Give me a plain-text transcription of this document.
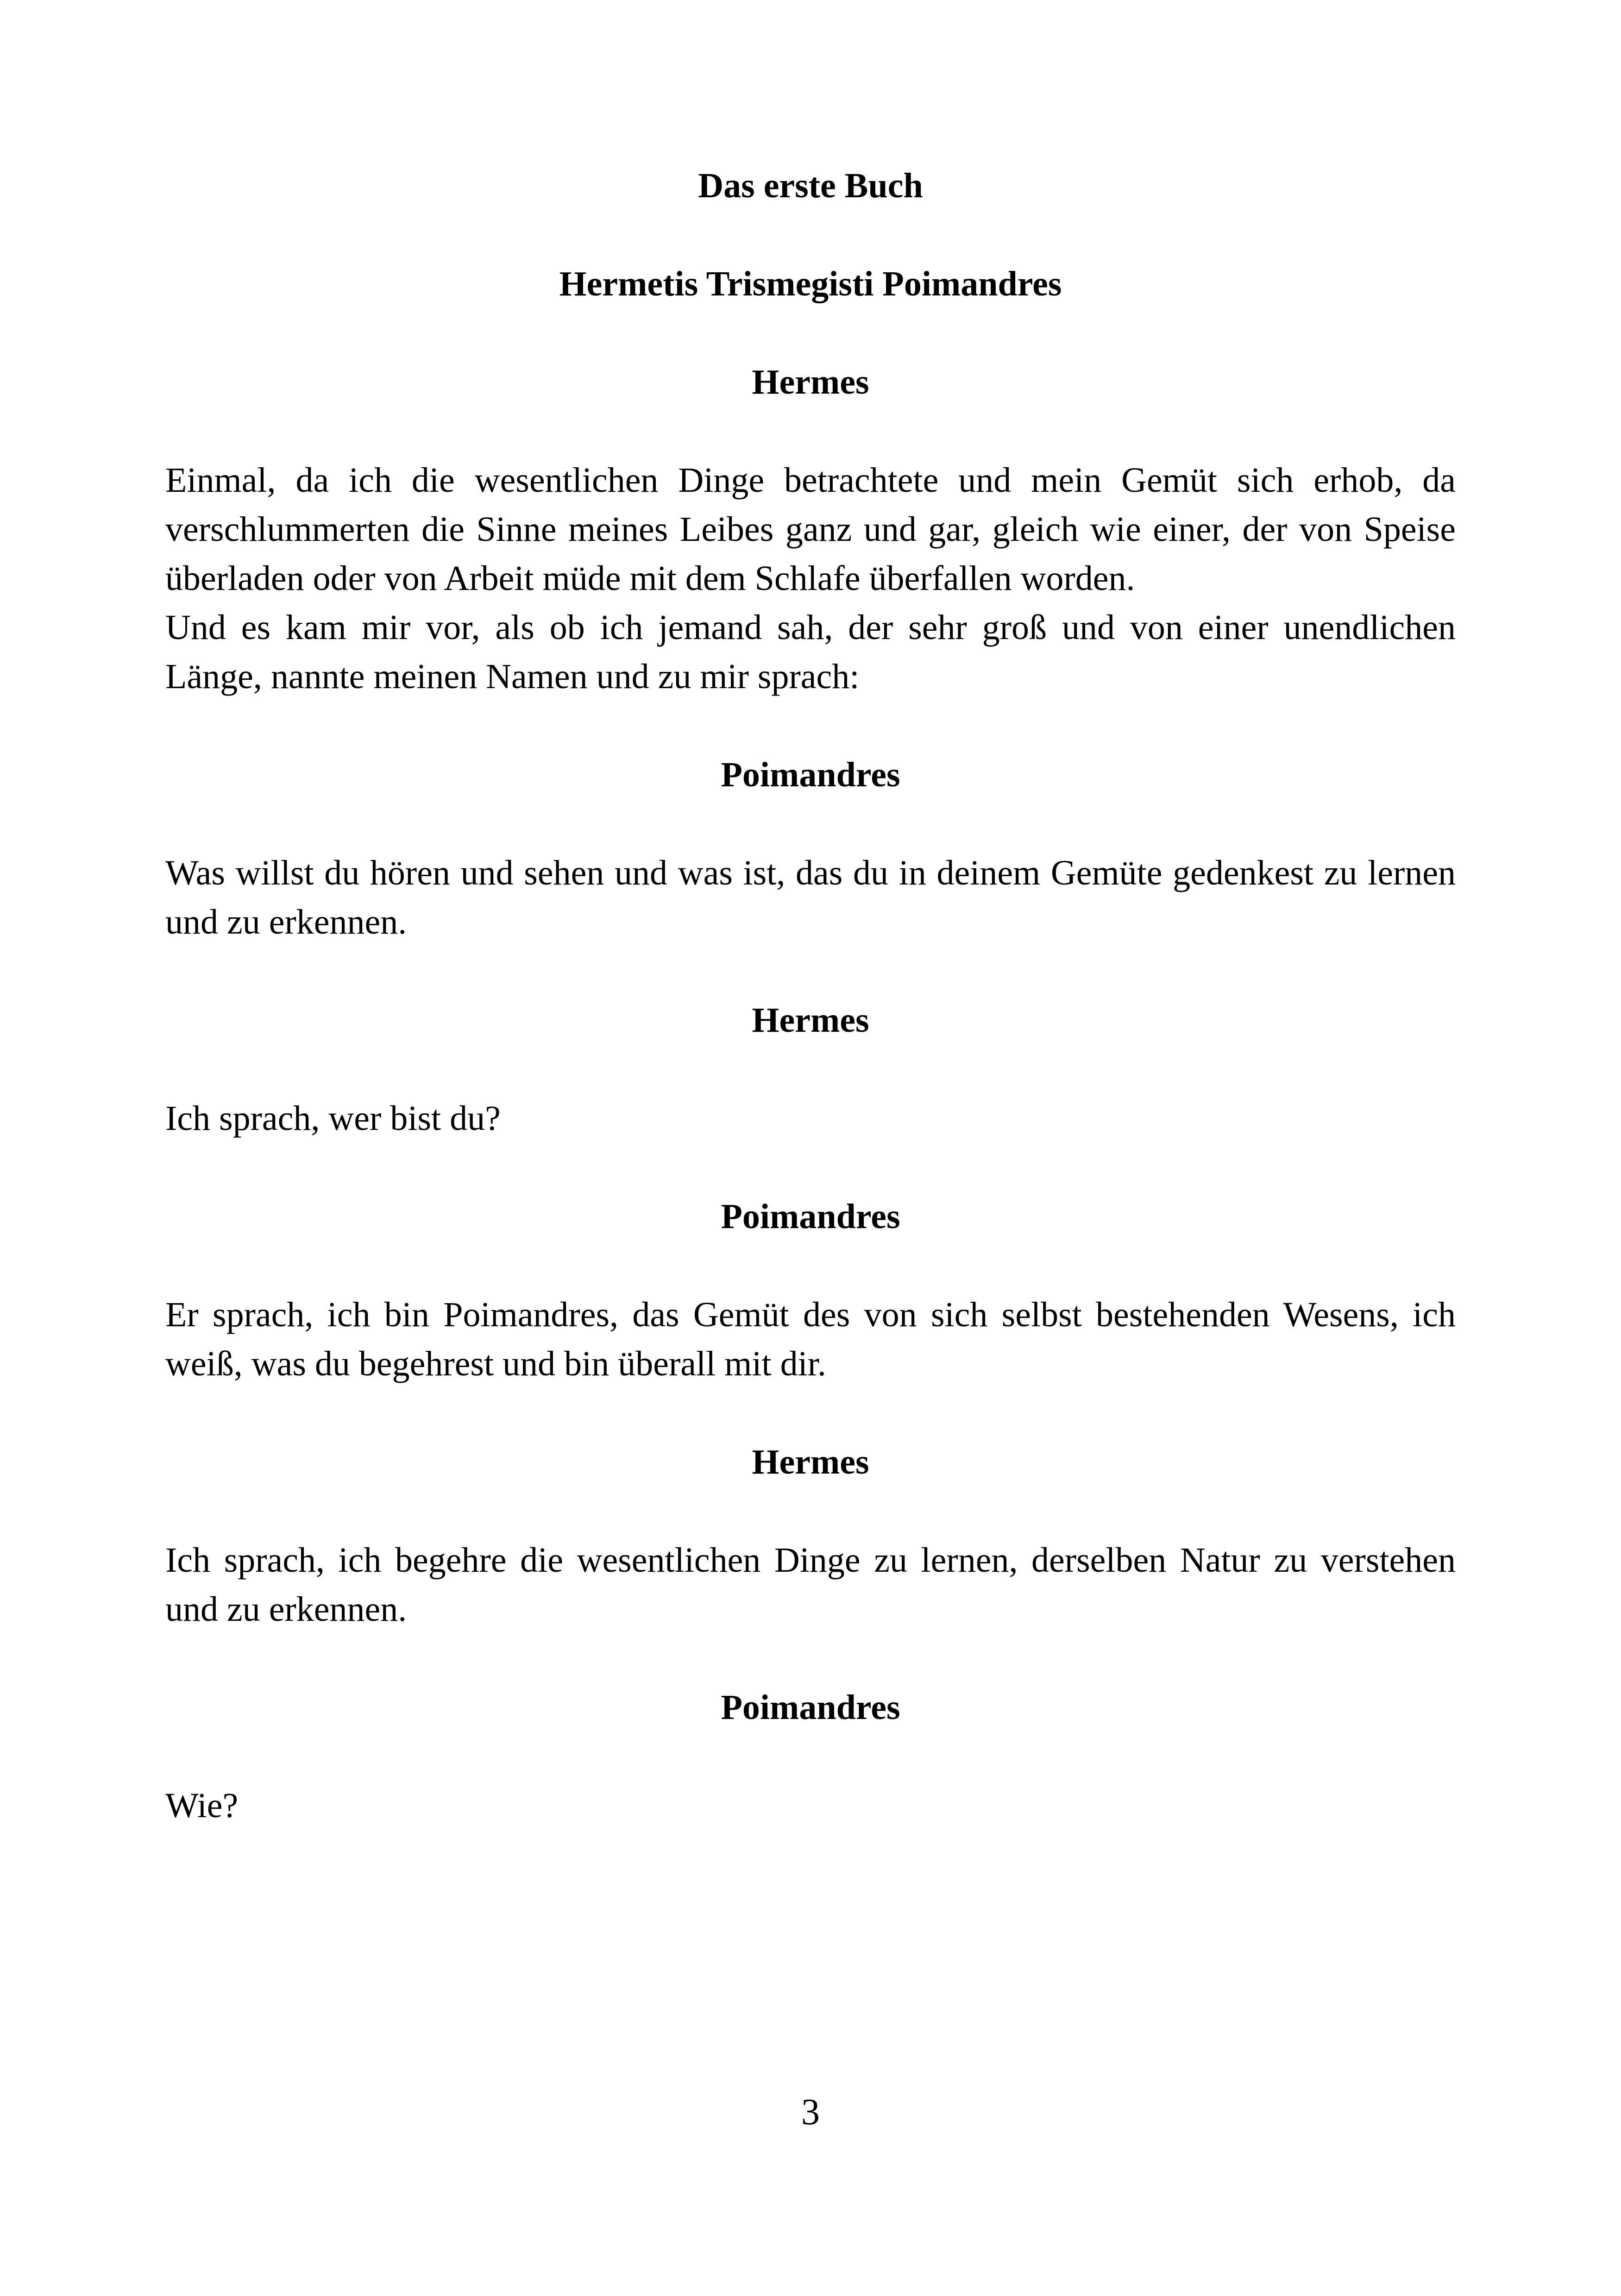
Das erste Buch

Hermetis Trismegisti Poimandres

Hermes

Einmal, da ich die wesentlichen Dinge betrachtete und mein Gemüt sich erhob, da verschlummerten die Sinne meines Leibes ganz und gar, gleich wie einer, der von Speise überladen oder von Arbeit müde mit dem Schlafe überfallen worden.

Und es kam mir vor, als ob ich jemand sah, der sehr groß und von einer unendlichen Länge, nannte meinen Namen und zu mir sprach:

Poimandres

Was willst du hören und sehen und was ist, das du in deinem Gemüte gedenkest zu lernen und zu erkennen.

Hermes

Ich sprach, wer bist du?

Poimandres

Er sprach, ich bin Poimandres, das Gemüt des von sich selbst bestehenden Wesens, ich weiß, was du begehrest und bin überall mit dir.

Hermes

Ich sprach, ich begehre die wesentlichen Dinge zu lernen, derselben Natur zu verstehen und zu erkennen.

Poimandres

Wie?

3
